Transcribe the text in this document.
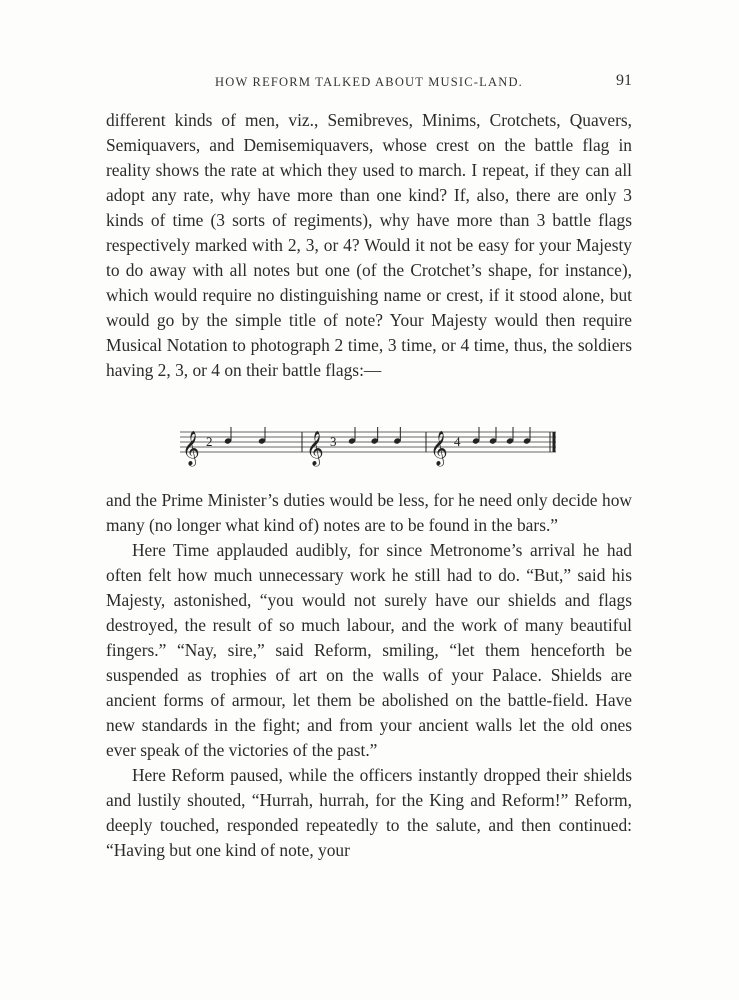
HOW REFORM TALKED ABOUT MUSIC-LAND.	91

different kinds of men, viz., Semibreves, Minims, Crotchets, Quavers, Semiquavers, and Demisemiquavers, whose crest on the battle flag in reality shows the rate at which they used to march. I repeat, if they can all adopt any rate, why have more than one kind? If, also, there are only 3 kinds of time (3 sorts of regiments), why have more than 3 battle flags respectively marked with 2, 3, or 4? Would it not be easy for your Majesty to do away with all notes but one (of the Crotchet’s shape, for instance), which would require no distinguishing name or crest, if it stood alone, but would go by the simple title of note? Your Majesty would then require Musical Notation to photograph 2 time, 3 time, or 4 time, thus, the soldiers having 2, 3, or 4 on their battle flags:—

𝄞 2	𝄞 3	𝄞 4

and the Prime Minister’s duties would be less, for he need only decide how many (no longer what kind of) notes are to be found in the bars.”

Here Time applauded audibly, for since Metronome’s arrival he had often felt how much unnecessary work he still had to do. “But,” said his Majesty, astonished, “you would not surely have our shields and flags destroyed, the result of so much labour, and the work of many beautiful fingers.” “Nay, sire,” said Reform, smiling, “let them henceforth be suspended as trophies of art on the walls of your Palace. Shields are ancient forms of armour, let them be abolished on the battle-field. Have new standards in the fight; and from your ancient walls let the old ones ever speak of the victories of the past.”

Here Reform paused, while the officers instantly dropped their shields and lustily shouted, “Hurrah, hurrah, for the King and Reform!” Reform, deeply touched, responded repeatedly to the salute, and then continued: “Having but one kind of note, your
